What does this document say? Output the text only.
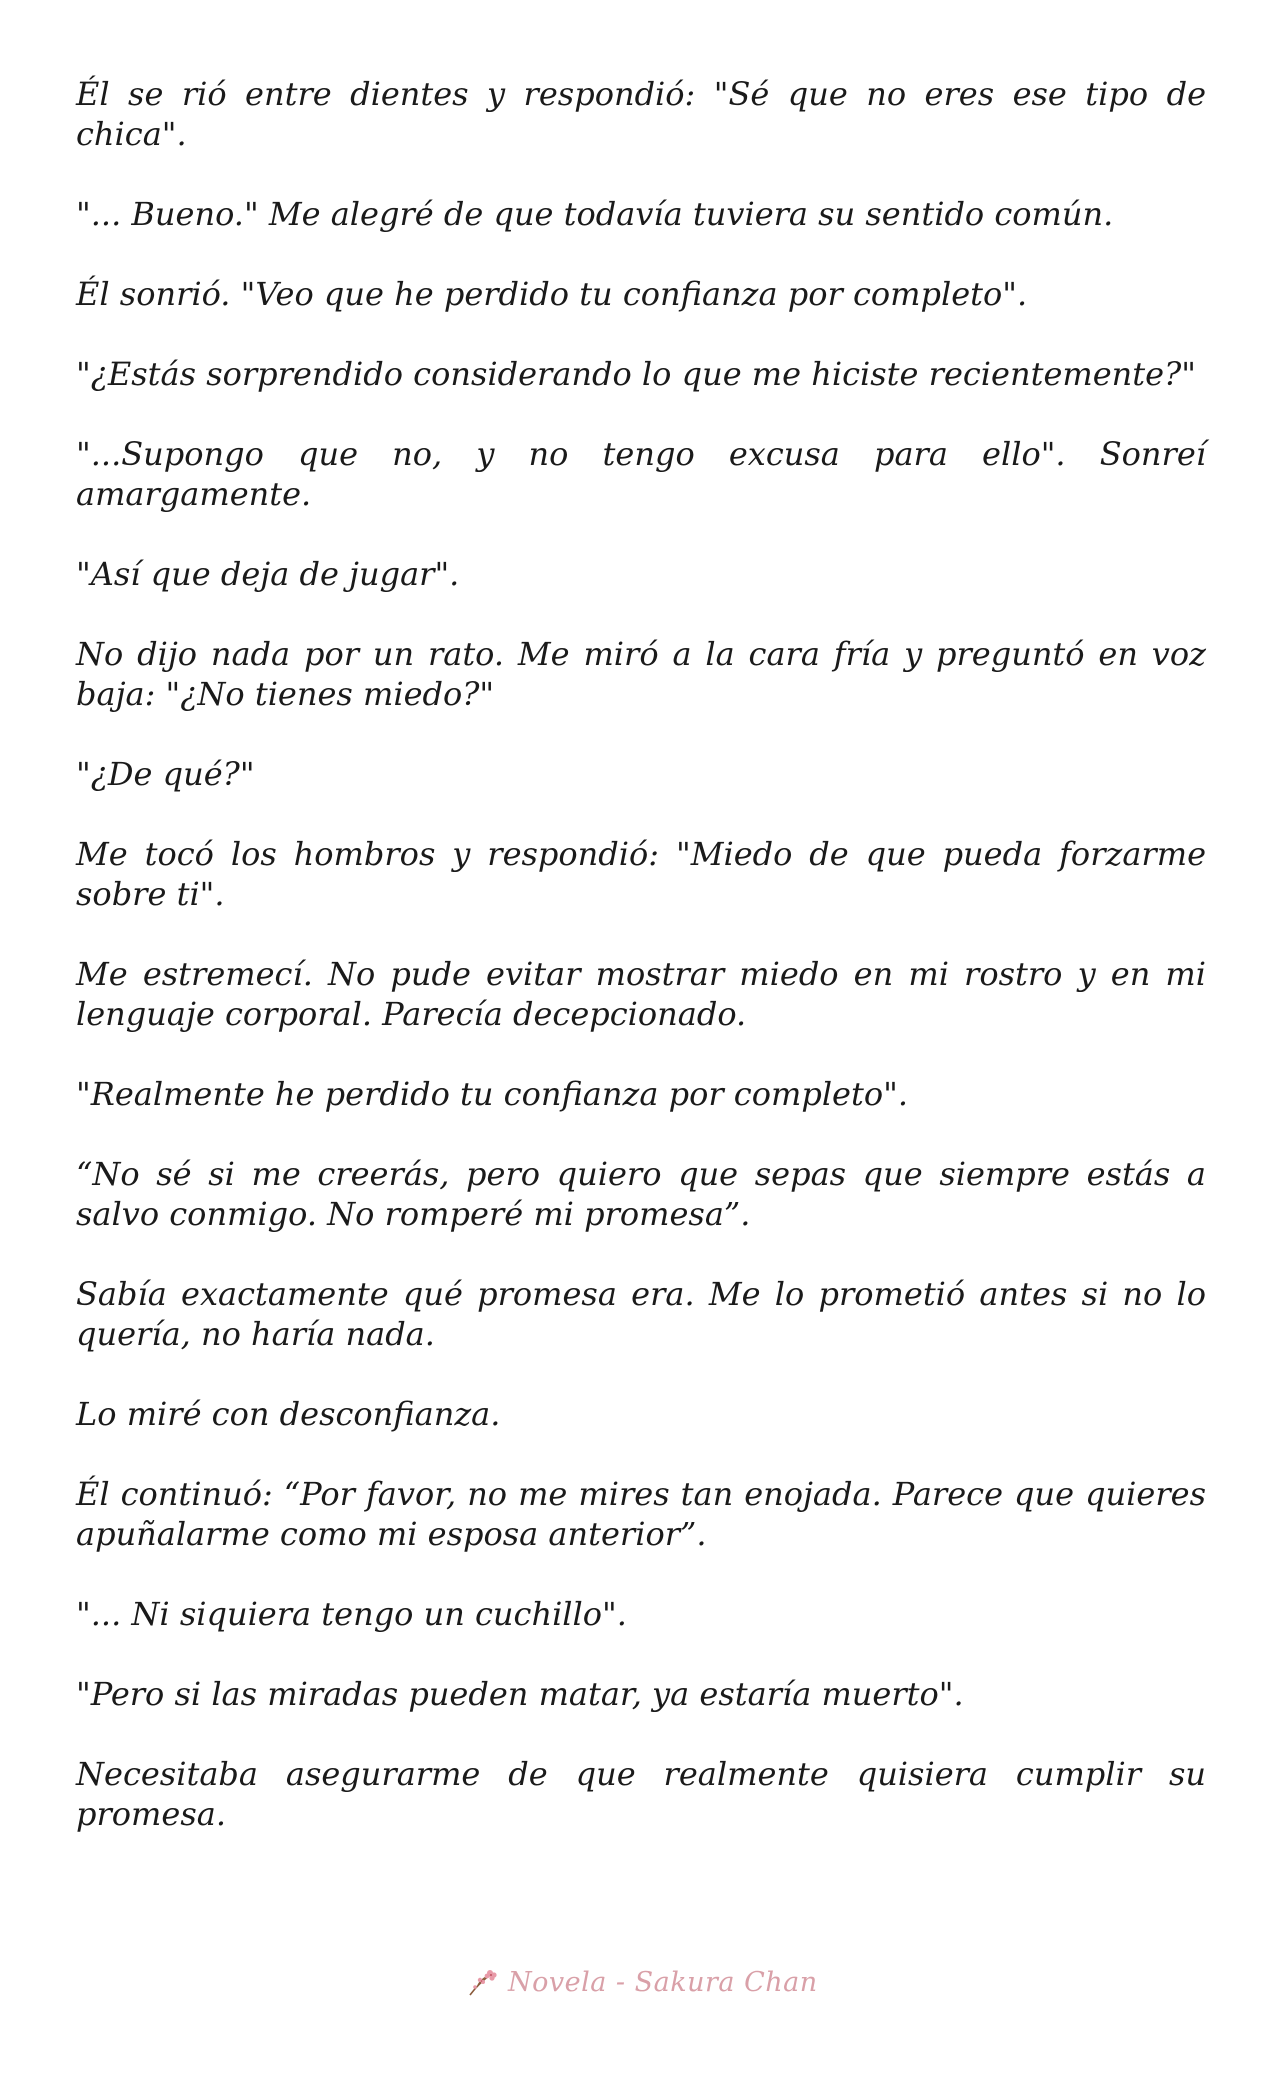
Él se rió entre dientes y respondió: "Sé que no eres ese tipo de chica".

"... Bueno." Me alegré de que todavía tuviera su sentido común.

Él sonrió. "Veo que he perdido tu confianza por completo".

"¿Estás sorprendido considerando lo que me hiciste recientemente?"

"...Supongo que no, y no tengo excusa para ello". Sonreí amargamente.

"Así que deja de jugar".

No dijo nada por un rato. Me miró a la cara fría y preguntó en voz baja: "¿No tienes miedo?"

"¿De qué?"

Me tocó los hombros y respondió: "Miedo de que pueda forzarme sobre ti".

Me estremecí. No pude evitar mostrar miedo en mi rostro y en mi lenguaje corporal. Parecía decepcionado.

"Realmente he perdido tu confianza por completo".

“No sé si me creerás, pero quiero que sepas que siempre estás a salvo conmigo. No romperé mi promesa”.

Sabía exactamente qué promesa era. Me lo prometió antes si no lo quería, no haría nada.

Lo miré con desconfianza.

Él continuó: “Por favor, no me mires tan enojada. Parece que quieres apuñalarme como mi esposa anterior”.

"... Ni siquiera tengo un cuchillo".

"Pero si las miradas pueden matar, ya estaría muerto".

Necesitaba asegurarme de que realmente quisiera cumplir su promesa.

Novela - Sakura Chan
